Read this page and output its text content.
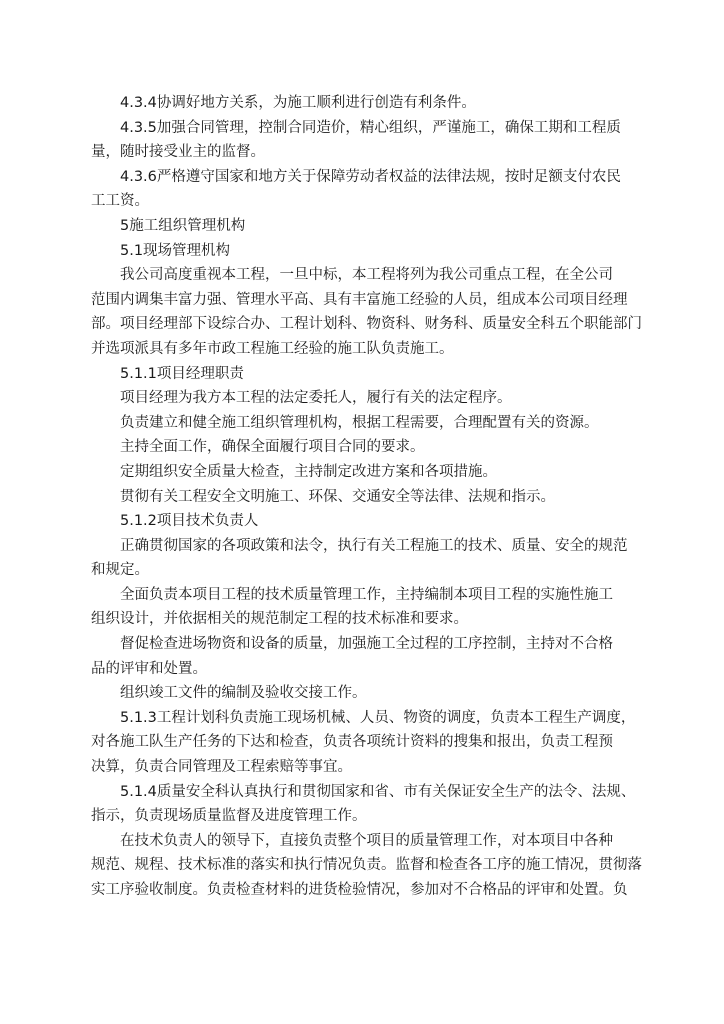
4.3.4协调好地方关系，为施工顺利进行创造有利条件。
4.3.5加强合同管理，控制合同造价，精心组织，严谨施工，确保工期和工程质
量，随时接受业主的监督。
4.3.6严格遵守国家和地方关于保障劳动者权益的法律法规，按时足额支付农民
工工资。
5施工组织管理机构
5.1现场管理机构
我公司高度重视本工程，一旦中标，本工程将列为我公司重点工程，在全公司
范围内调集丰富力强、管理水平高、具有丰富施工经验的人员，组成本公司项目经理
部。项目经理部下设综合办、工程计划科、物资科、财务科、质量安全科五个职能部门
并选项派具有多年市政工程施工经验的施工队负责施工。
5.1.1项目经理职责
项目经理为我方本工程的法定委托人，履行有关的法定程序。
负责建立和健全施工组织管理机构，根据工程需要，合理配置有关的资源。
主持全面工作，确保全面履行项目合同的要求。
定期组织安全质量大检查，主持制定改进方案和各项措施。
贯彻有关工程安全文明施工、环保、交通安全等法律、法规和指示。
5.1.2项目技术负责人
正确贯彻国家的各项政策和法令，执行有关工程施工的技术、质量、安全的规范
和规定。
全面负责本项目工程的技术质量管理工作，主持编制本项目工程的实施性施工
组织设计，并依据相关的规范制定工程的技术标准和要求。
督促检查进场物资和设备的质量，加强施工全过程的工序控制，主持对不合格
品的评审和处置。
组织竣工文件的编制及验收交接工作。
5.1.3工程计划科负责施工现场机械、人员、物资的调度，负责本工程生产调度，
对各施工队生产任务的下达和检查，负责各项统计资料的搜集和报出，负责工程预
决算，负责合同管理及工程索赔等事宜。
5.1.4质量安全科认真执行和贯彻国家和省、市有关保证安全生产的法令、法规、
指示，负责现场质量监督及进度管理工作。
在技术负责人的领导下，直接负责整个项目的质量管理工作，对本项目中各种
规范、规程、技术标准的落实和执行情况负责。监督和检查各工序的施工情况，贯彻落
实工序验收制度。负责检查材料的进货检验情况，参加对不合格品的评审和处置。负
